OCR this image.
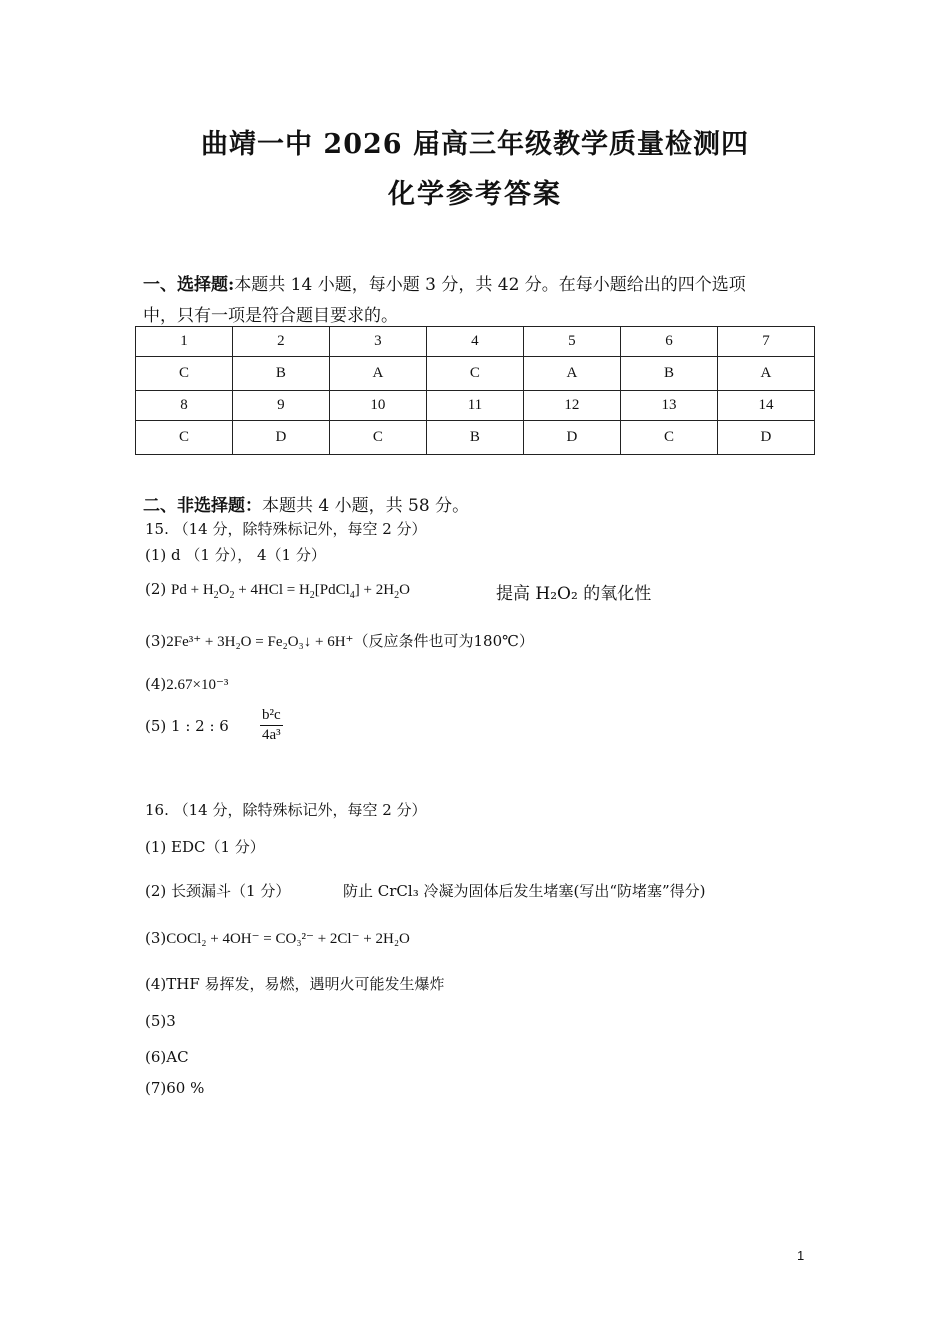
曲靖一中 2026 届高三年级教学质量检测四
化学参考答案
一、选择题:本题共 14 小题，每小题 3 分，共 42 分。在每小题给出的四个选项
中，只有一项是符合题目要求的。
1	2	3	4	5	6	7
C	B	A	C	A	B	A
8	9	10	11	12	13	14
C	D	C	B	D	C	D
二、非选择题：本题共 4 小题，共 58 分。
15. （14 分，除特殊标记外，每空 2 分）
(1) d （1 分）， 4（1 分）
(2) $Pd + H_2O_2 + 4HCl$ = $H_2[PdCl_4] + 2H_2O$	提高 H₂O₂ 的氧化性
(3)2Fe³⁺ + 3H₂O = Fe₂O₃↓ + 6H⁺（反应条件也可为180℃）
(4)2.67×10⁻³
(5) 1 : 2 : $6 \frac{\text{b²c}}{\text{4a³}}$
16. （14 分，除特殊标记外，每空 2 分）
(1) EDC（1 分）
(2) 长颈漏斗（1 分）	防止 CrCl₃ 冷凝为固体后发生堵塞(写出“防堵塞”得分)
(3)COCl₂ + 4OH⁻ = CO₃²⁻ + 2Cl⁻ + 2H₂O
(4)THF 易挥发，易燃，遇明火可能发生爆炸
(5)3
(6)AC
(7)60 %
1
